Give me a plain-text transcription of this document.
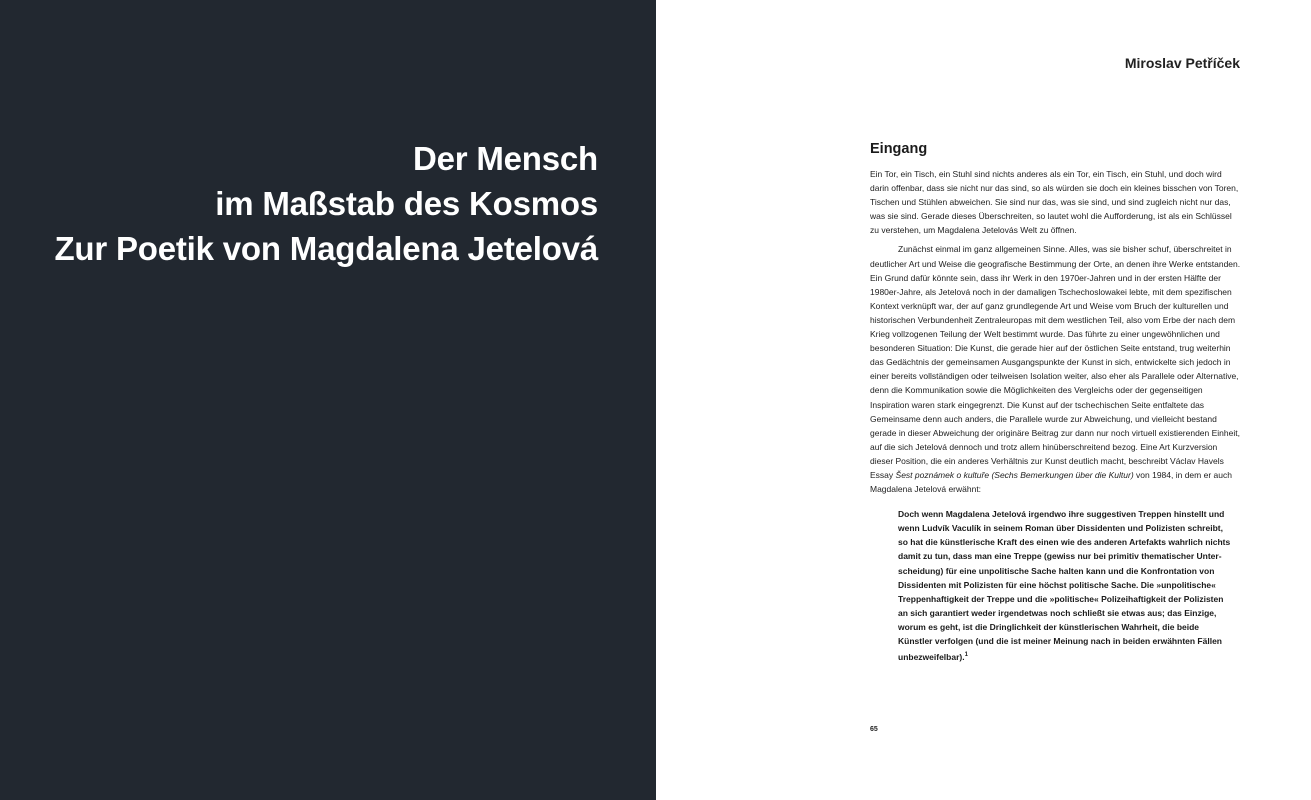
Der Mensch
im Maßstab des Kosmos
Zur Poetik von Magdalena Jetelová
Miroslav Petříček
Eingang

Ein Tor, ein Tisch, ein Stuhl sind nichts anderes als ein Tor, ein Tisch, ein Stuhl, und doch wird darin offenbar, dass sie nicht nur das sind, so als würden sie doch ein kleines bisschen von Toren, Tischen und Stühlen abweichen. Sie sind nur das, was sie sind, und sind zugleich nicht nur das, was sie sind. Gerade dieses Überschreiten, so lautet wohl die Aufforderung, ist als ein Schlüssel zu verstehen, um Magdalena Jetelovás Welt zu öffnen.

Zunächst einmal im ganz allgemeinen Sinne. Alles, was sie bisher schuf, überschreitet in deutlicher Art und Weise die geografische Bestimmung der Orte, an denen ihre Werke entstanden. Ein Grund dafür könnte sein, dass ihr Werk in den 1970er-Jahren und in der ersten Hälfte der 1980er-Jahre, als Jetelová noch in der damaligen Tschechoslowakei lebte, mit dem spezifischen Kontext verknüpft war, der auf ganz grundlegende Art und Weise vom Bruch der kulturellen und historischen Verbundenheit Zentraleuropas mit dem westlichen Teil, also vom Erbe der nach dem Krieg vollzogenen Teilung der Welt bestimmt wurde. Das führte zu einer ungewöhnlichen und besonderen Situation: Die Kunst, die gerade hier auf der östlichen Seite entstand, trug weiterhin das Gedächtnis der gemeinsamen Ausgangspunkte der Kunst in sich, entwickelte sich jedoch in einer bereits vollständigen oder teilweisen Isolation weiter, also eher als Parallele oder Alternative, denn die Kommunikation sowie die Möglichkeiten des Vergleichs oder der gegenseitigen Inspiration waren stark eingegrenzt. Die Kunst auf der tschechischen Seite entfaltete das Gemeinsame denn auch anders, die Parallele wurde zur Abweichung, und vielleicht bestand gerade in dieser Abweichung der originäre Beitrag zur dann nur noch virtuell existierenden Einheit, auf die sich Jetelová dennoch und trotz allem hinüberschreitend bezog. Eine Art Kurzversion dieser Position, die ein anderes Verhältnis zur Kunst deutlich macht, beschreibt Václav Havels Essay Šest poznámek o kultuře (Sechs Bemerkungen über die Kultur) von 1984, in dem er auch Magdalena Jetelová erwähnt:

Doch wenn Magdalena Jetelová irgendwo ihre suggestiven Treppen hinstellt und wenn Ludvík Vaculík in seinem Roman über Dissidenten und Polizisten schreibt, so hat die künstlerische Kraft des einen wie des anderen Artefakts wahrlich nichts damit zu tun, dass man eine Treppe (gewiss nur bei primitiv thematischer Unterscheidung) für eine unpolitische Sache halten kann und die Konfrontation von Dissidenten mit Polizisten für eine höchst politische Sache. Die »unpolitische« Treppenhaftigkeit der Treppe und die »politische« Polizeihaftigkeit der Polizisten an sich garantiert weder irgendetwas noch schließt sie etwas aus; das Einzige, worum es geht, ist die Dringlichkeit der künstlerischen Wahrheit, die beide Künstler verfolgen (und die ist meiner Meinung nach in beiden erwähnten Fällen unbezweifelbar).$^1$
65
